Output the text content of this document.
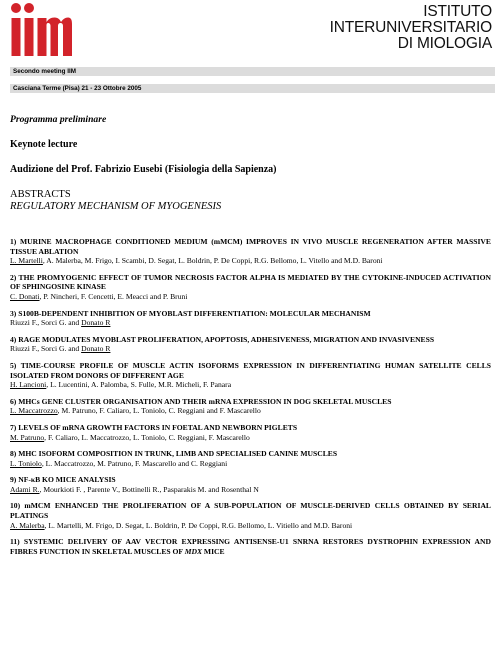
ISTITUTO
INTERUNIVERSITARIO
DI MIOLOGIA
Secondo meeting IIM
Casciana Terme (Pisa) 21 - 23 Ottobre 2005
Programma preliminare
Keynote lecture
Audizione del Prof. Fabrizio Eusebi (Fisiologia della Sapienza)
ABSTRACTS
REGULATORY MECHANISM OF MYOGENESIS
1) MURINE MACROPHAGE CONDITIONED MEDIUM (mMCM) IMPROVES IN VIVO MUSCLE REGENERATION AFTER MASSIVE TISSUE ABLATION
L. Martelli, A. Malerba, M. Frigo, I. Scambi, D. Segat, L. Boldrin, P. De Coppi, R.G. Bellomo, L. Vitello and M.D. Baroni
2) THE PROMYOGENIC EFFECT OF TUMOR NECROSIS FACTOR ALPHA IS MEDIATED BY THE CYTOKINE-INDUCED ACTIVATION OF SPHINGOSINE KINASE
C. Donati, P. Nincheri, F. Cencetti, E. Meacci and P. Bruni
3) S100B-DEPENDENT INHIBITION OF MYOBLAST DIFFERENTIATION: MOLECULAR MECHANISM
Riuzzi F., Sorci G. and Donato R
4) RAGE MODULATES MYOBLAST PROLIFERATION, APOPTOSIS, ADHESIVENESS, MIGRATION AND INVASIVENESS
Riuzzi F., Sorci G. and Donato R
5) TIME-COURSE PROFILE OF MUSCLE ACTIN ISOFORMS EXPRESSION IN DIFFERENTIATING HUMAN SATELLITE CELLS ISOLATED FROM DONORS OF DIFFERENT AGE
H. Lancioni, L. Lucentini, A. Palomba, S. Fulle, M.R. Micheli, F. Panara
6) MHCs GENE CLUSTER ORGANISATION AND THEIR mRNA EXPRESSION IN DOG SKELETAL MUSCLES
L. Maccatrozzo, M. Patruno, F. Caliaro, L. Toniolo, C. Reggiani and F. Mascarello
7) LEVELS OF mRNA GROWTH FACTORS IN FOETAL AND NEWBORN PIGLETS
M. Patruno, F. Caliaro, L. Maccatrozzo, L. Toniolo, C. Reggiani, F. Mascarello
8) MHC ISOFORM COMPOSITION IN TRUNK, LIMB AND SPECIALISED CANINE MUSCLES
L. Toniolo, L. Maccatrozzo, M. Patruno, F. Mascarello and C. Reggiani
9) NF-κB KO MICE ANALYSIS
Adami R., Mourkioti F. , Parente V., Bottinelli R., Pasparakis M. and Rosenthal N
10) mMCM ENHANCED THE PROLIFERATION OF A SUB-POPULATION OF MUSCLE-DERIVED CELLS OBTAINED BY SERIAL PLATINGS
A. Malerba, L. Martelli, M. Frigo, D. Segat, L. Boldrin, P. De Coppi, R.G. Bellomo, L. Vitiello and M.D. Baroni
11) SYSTEMIC DELIVERY OF AAV VECTOR EXPRESSING ANTISENSE-U1 SNRNA RESTORES DYSTROPHIN EXPRESSION AND FIBRES FUNCTION IN SKELETAL MUSCLES OF MDX MICE
